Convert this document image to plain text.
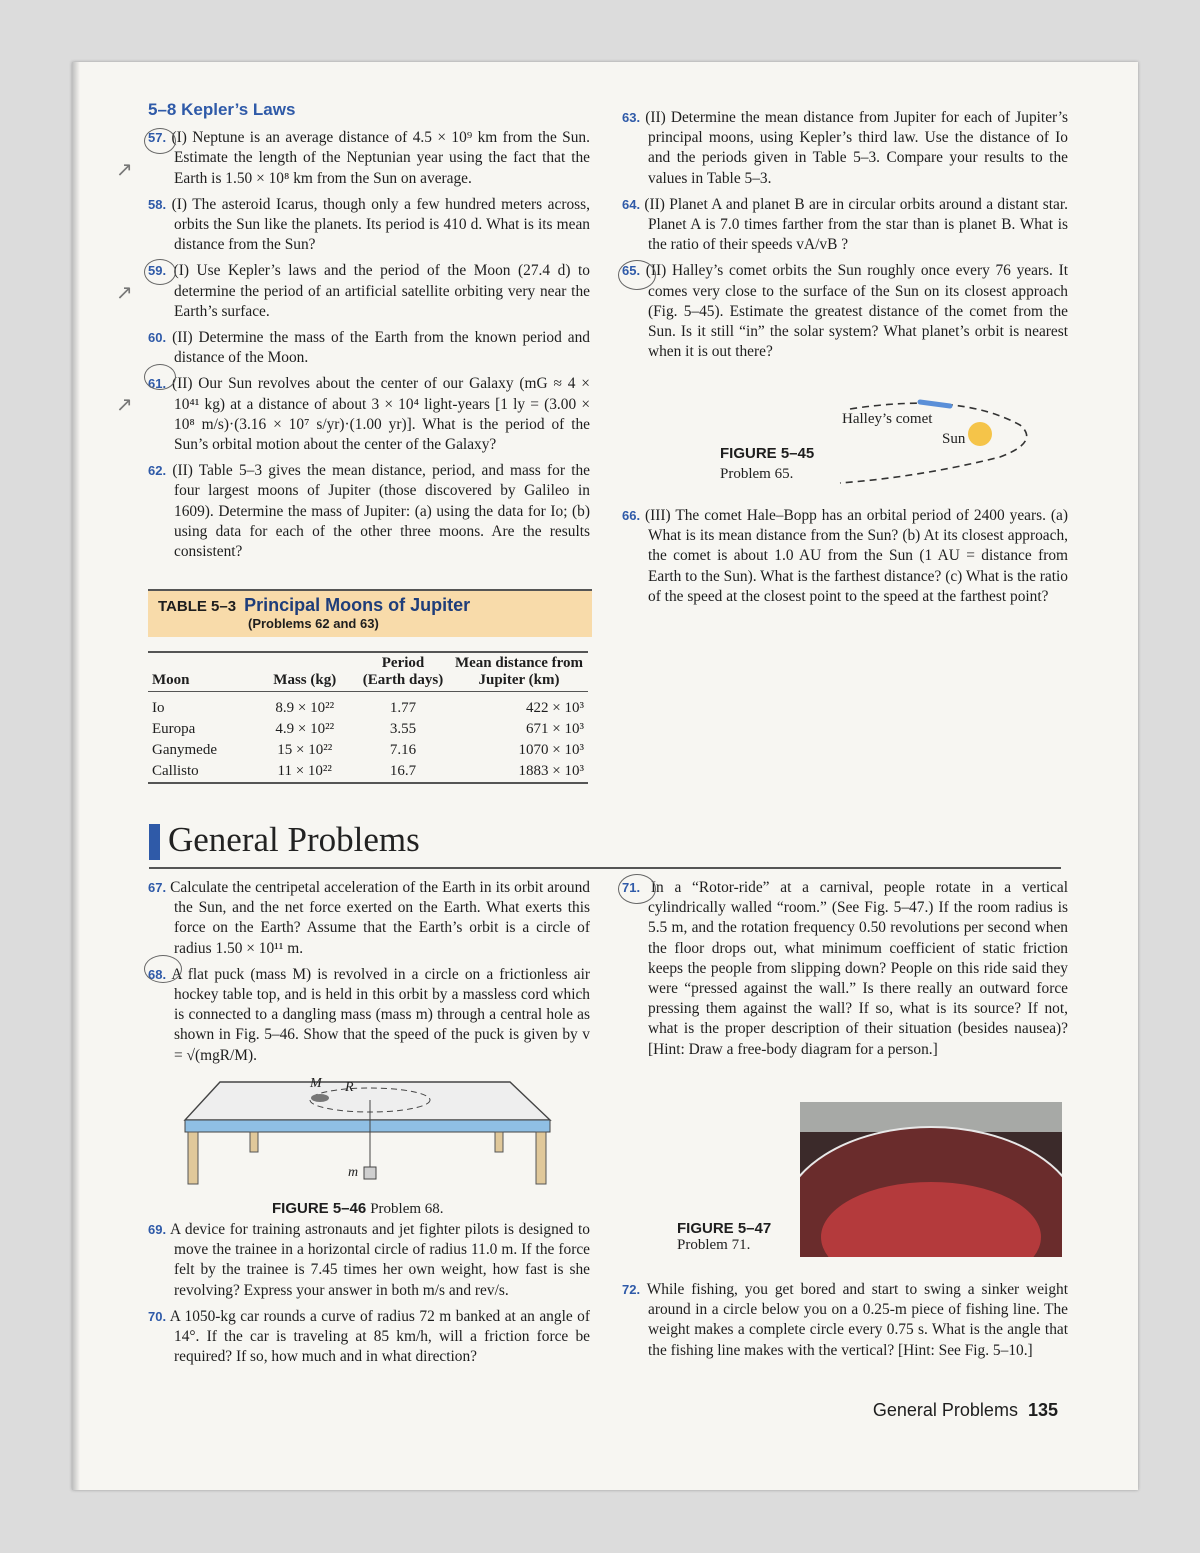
5–8 Kepler’s Laws

57. (I) Neptune is an average distance of 4.5 × 10⁹ km from the Sun. Estimate the length of the Neptunian year using the fact that the Earth is 1.50 × 10⁸ km from the Sun on average.

58. (I) The asteroid Icarus, though only a few hundred meters across, orbits the Sun like the planets. Its period is 410 d. What is its mean distance from the Sun?

59. (I) Use Kepler’s laws and the period of the Moon (27.4 d) to determine the period of an artificial satellite orbiting very near the Earth’s surface.

60. (II) Determine the mass of the Earth from the known period and distance of the Moon.

61. (II) Our Sun revolves about the center of our Galaxy (mG ≈ 4 × 10⁴¹ kg) at a distance of about 3 × 10⁴ light-years [1 ly = (3.00 × 10⁸ m/s)·(3.16 × 10⁷ s/yr)·(1.00 yr)]. What is the period of the Sun’s orbital motion about the center of the Galaxy?

62. (II) Table 5–3 gives the mean distance, period, and mass for the four largest moons of Jupiter (those discovered by Galileo in 1609). Determine the mass of Jupiter: (a) using the data for Io; (b) using data for each of the other three moons. Are the results consistent?

TABLE 5–3 Principal Moons of Jupiter
(Problems 62 and 63)
Moon	Mass (kg)	Period (Earth days)	Mean distance from Jupiter (km)
Io	8.9 × 10²²	1.77	422 × 10³
Europa	4.9 × 10²²	3.55	671 × 10³
Ganymede	15 × 10²²	7.16	1070 × 10³
Callisto	11 × 10²²	16.7	1883 × 10³

63. (II) Determine the mean distance from Jupiter for each of Jupiter’s principal moons, using Kepler’s third law. Use the distance of Io and the periods given in Table 5–3. Compare your results to the values in Table 5–3.

64. (II) Planet A and planet B are in circular orbits around a distant star. Planet A is 7.0 times farther from the star than is planet B. What is the ratio of their speeds vA/vB ?

65. (II) Halley’s comet orbits the Sun roughly once every 76 years. It comes very close to the surface of the Sun on its closest approach (Fig. 5–45). Estimate the greatest distance of the comet from the Sun. Is it still “in” the solar system? What planet’s orbit is nearest when it is out there?

Halley’s comet
Sun
FIGURE 5–45
Problem 65.

66. (III) The comet Hale–Bopp has an orbital period of 2400 years. (a) What is its mean distance from the Sun? (b) At its closest approach, the comet is about 1.0 AU from the Sun (1 AU = distance from Earth to the Sun). What is the farthest distance? (c) What is the ratio of the speed at the closest point to the speed at the farthest point?

General Problems

67. Calculate the centripetal acceleration of the Earth in its orbit around the Sun, and the net force exerted on the Earth. What exerts this force on the Earth? Assume that the Earth’s orbit is a circle of radius 1.50 × 10¹¹ m.

68. A flat puck (mass M) is revolved in a circle on a frictionless air hockey table top, and is held in this orbit by a massless cord which is connected to a dangling mass (mass m) through a central hole as shown in Fig. 5–46. Show that the speed of the puck is given by v = √(mgR/M).

M R
m
FIGURE 5–46 Problem 68.

69. A device for training astronauts and jet fighter pilots is designed to move the trainee in a horizontal circle of radius 11.0 m. If the force felt by the trainee is 7.45 times her own weight, how fast is she revolving? Express your answer in both m/s and rev/s.

70. A 1050-kg car rounds a curve of radius 72 m banked at an angle of 14°. If the car is traveling at 85 km/h, will a friction force be required? If so, how much and in what direction?

71. In a “Rotor-ride” at a carnival, people rotate in a vertical cylindrically walled “room.” (See Fig. 5–47.) If the room radius is 5.5 m, and the rotation frequency 0.50 revolutions per second when the floor drops out, what minimum coefficient of static friction keeps the people from slipping down? People on this ride said they were “pressed against the wall.” Is there really an outward force pressing them against the wall? If so, what is its source? If not, what is the proper description of their situation (besides nausea)? [Hint: Draw a free-body diagram for a person.]

FIGURE 5–47
Problem 71.

72. While fishing, you get bored and start to swing a sinker weight around in a circle below you on a 0.25-m piece of fishing line. The weight makes a complete circle every 0.75 s. What is the angle that the fishing line makes with the vertical? [Hint: See Fig. 5–10.]

↗
↗
↗
General Problems 135
